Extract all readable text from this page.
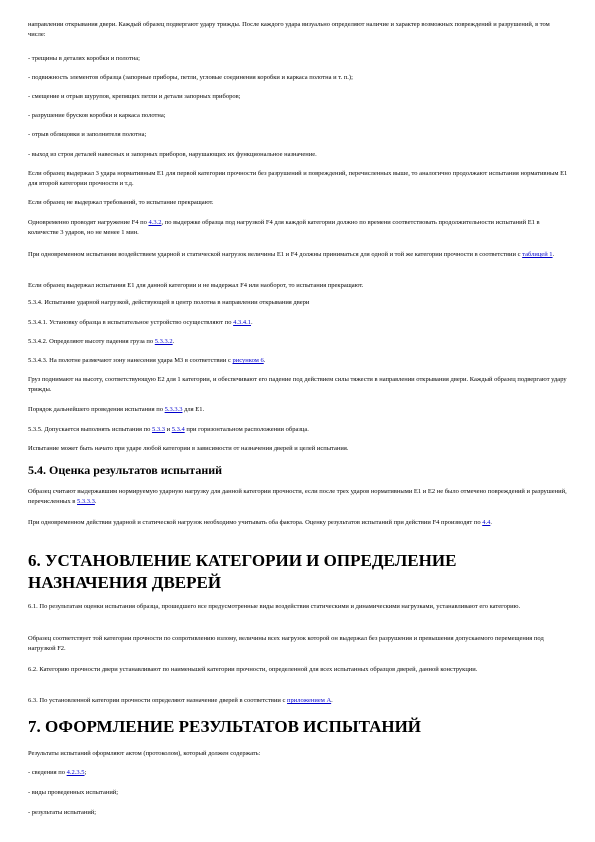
направлении открывания двери. Каждый образец подвергают удару трижды. После каждого удара визуально определяют наличие и характер возможных повреждений и разрушений, в том числе:
- трещины в деталях коробки и полотна;
- подвижность элементов образца (запорные приборы, петли, угловые соединения коробки и каркаса полотна и т. п.);
- смещение и отрыв шурупов, крепящих петли и детали запорных приборов;
- разрушение брусков коробки и каркаса полотна;
- отрыв облицовки и заполнителя полотна;
- выход из строя деталей навесных и запорных приборов, нарушающих их функциональное назначение.
Если образец выдержал 3 удара нормативным E1 для первой категории прочности без разрушений и повреждений, перечисленных выше, то аналогично продолжают испытания нормативным E1 для второй категории прочности и т.д.
Если образец не выдержал требований, то испытание прекращают.
Одновременно проводят нагружение F4 по 4.3.2, по выдержке образца под нагрузкой F4 для каждой категории должно по времени соответствовать продолжительности испытаний E1 в количестве 3 ударов, но не менее 1 мин.
При одновременном испытании воздействием ударной и статической нагрузок величины E1 и F4 должны приниматься для одной и той же категории прочности в соответствии с таблицей 1.
Если образец выдержал испытания E1 для данной категории и не выдержал F4 или наоборот, то испытания прекращают.
5.3.4. Испытание ударной нагрузкой, действующей в центр полотна в направлении открывания двери
5.3.4.1. Установку образца в испытательное устройство осуществляют по 4.3.4.1.
5.3.4.2. Определяют высоту падения груза по 5.3.3.2.
5.3.4.3. На полотне размечают зону нанесения удара M3 в соответствии с рисунком 6.
Груз поднимают на высоту, соответствующую E2 для 1 категории, и обеспечивают его падение под действием силы тяжести в направлении открывания двери. Каждый образец подвергают удару трижды.
Порядок дальнейшего проведения испытания по 5.3.3.3 для E1.
5.3.5. Допускается выполнять испытания по 5.3.3 и 5.3.4 при горизонтальном расположении образца.
Испытание может быть начато при ударе любой категории в зависимости от назначения дверей и целей испытания.
5.4. Оценка результатов испытаний
Образец считают выдержавшим нормируемую ударную нагрузку для данной категории прочности, если после трех ударов нормативными E1 и E2 не было отмечено повреждений и разрушений, перечисленных в 5.3.3.3.
При одновременном действии ударной и статической нагрузок необходимо учитывать оба фактора. Оценку результатов испытаний при действии F4 производят по 4.4.
6. УСТАНОВЛЕНИЕ КАТЕГОРИИ И ОПРЕДЕЛЕНИЕ НАЗНАЧЕНИЯ ДВЕРЕЙ
6.1. По результатам оценки испытания образца, прошедшего все предусмотренные виды воздействия статическими и динамическими нагрузками, устанавливают его категорию.
Образец соответствует той категории прочности по сопротивлению взлому, величины всех нагрузок которой он выдержал без разрушения и превышения допускаемого перемещения под нагрузкой F2.
6.2. Категорию прочности двери устанавливают по наименьшей категории прочности, определенной для всех испытанных образцов дверей, данной конструкции.
6.3. По установленной категории прочности определяют назначение дверей в соответствии с приложением А.
7. ОФОРМЛЕНИЕ РЕЗУЛЬТАТОВ ИСПЫТАНИЙ
Результаты испытаний оформляют актом (протоколом), который должен содержать:
- сведения по 4.2.3.5;
- виды проведенных испытаний;
- результаты испытаний;
